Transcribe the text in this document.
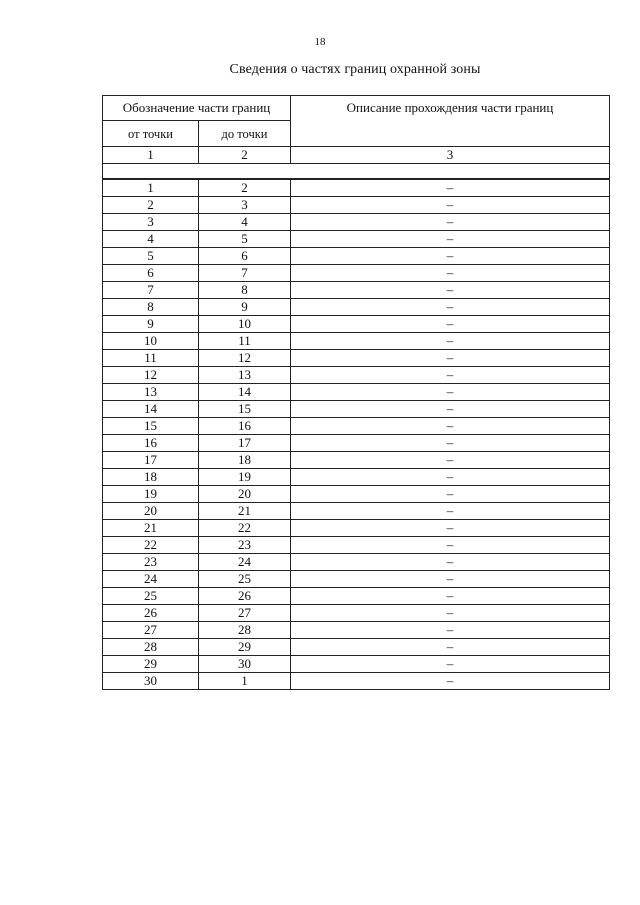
18
Сведения о частях границ охранной зоны
Обозначение части границ		Описание прохождения части границ
от точки	до точки	
1	2	3

1	2	–
2	3	–
3	4	–
4	5	–
5	6	–
6	7	–
7	8	–
8	9	–
9	10	–
10	11	–
11	12	–
12	13	–
13	14	–
14	15	–
15	16	–
16	17	–
17	18	–
18	19	–
19	20	–
20	21	–
21	22	–
22	23	–
23	24	–
24	25	–
25	26	–
26	27	–
27	28	–
28	29	–
29	30	–
30	1	–
